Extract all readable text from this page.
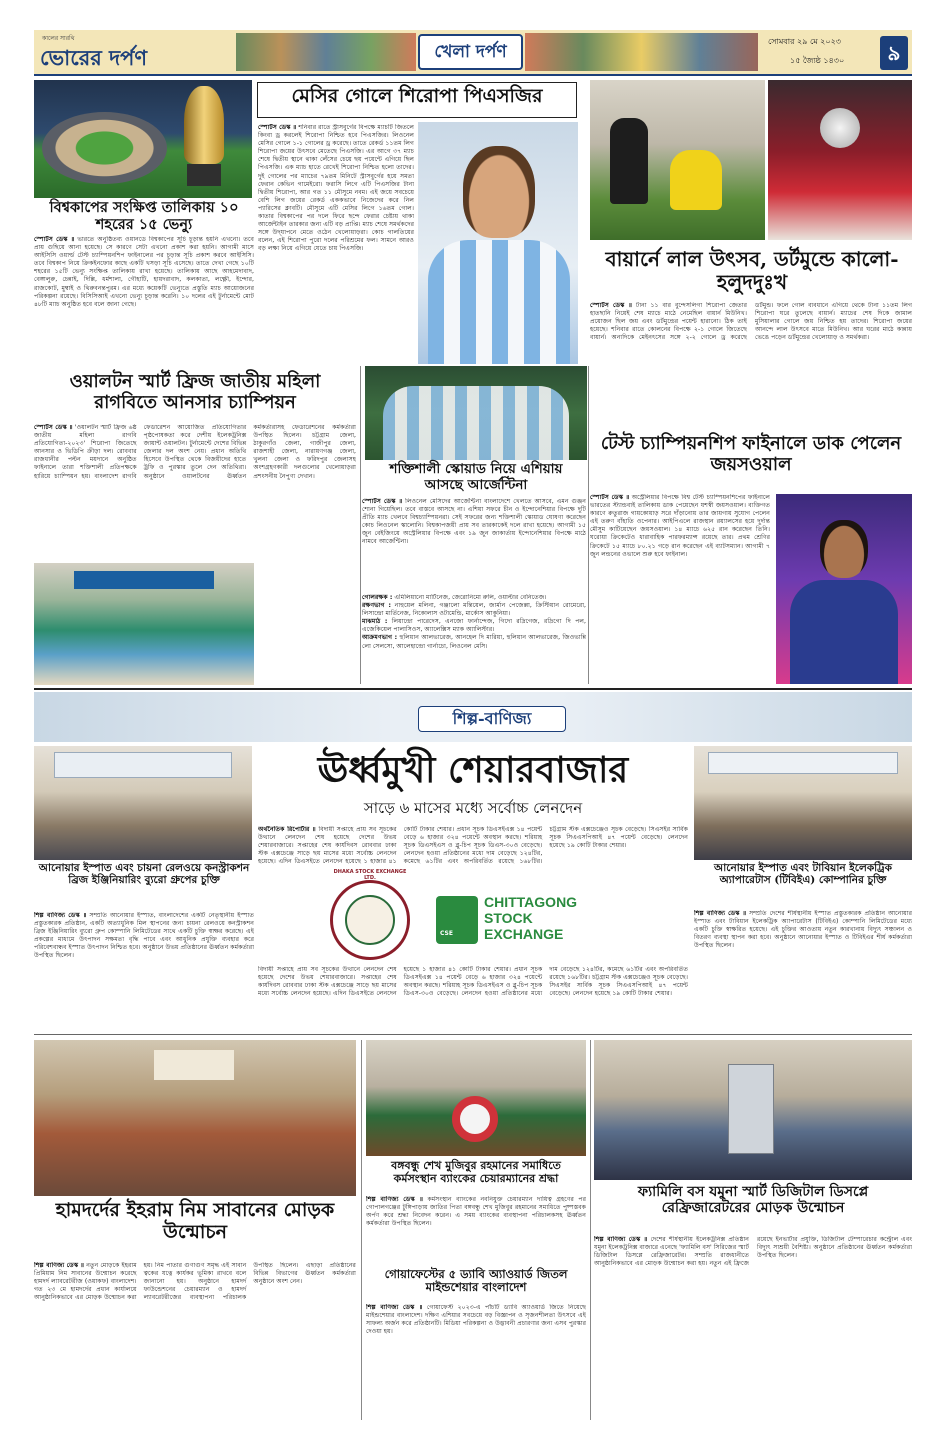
কালের সারথি
ভোরের দর্পণ	খেলা দর্পণ
সোমবার ২৯ মে ২০২৩
১৫ জ্যৈষ্ঠ ১৪৩০	৯
বিশ্বকাপের সংক্ষিপ্ত তালিকায় ১০ শহরের ১৫ ভেন্যু
স্পোর্টস ডেস্ক ॥ ভারতে অনুষ্ঠিতব্য ওয়ানডে বিশ্বকাপের সূচি চূড়ান্ত হয়নি এখনো। তবে প্রায় গুছিয়ে আনা হয়েছে। সে কারণে সেটা এখনো প্রকাশ করা হয়নি। আগামী মাসে আইসিসি ওয়ার্ল্ড টেস্ট চ্যাম্পিয়নশিপ ফাইনালের পর চূড়ান্ত সূচি প্রকাশ করবে আইসিসি। তবে বিশ্বকাপ নিয়ে ক্রিকইনফোর কাছে একটি খসড়া সূচি এসেছে। তাতে দেখা গেছে ১০টি শহরের ১৫টি ভেন্যু সংক্ষিপ্ত তালিকায় রাখা হয়েছে। তালিকায় আছে আহমেদাবাদ, বেঙ্গালুরু, চেন্নাই, দিল্লি, ধর্মশালা, গৌহাটি, হায়দরাবাদ, কলকাতা, লক্ষ্ণৌ, ইন্দোর, রাজকোট, মুম্বাই ও থিরুবনন্তপুরম। এর মধ্যে কয়েকটি ভেন্যুতে প্রস্তুতি ম্যাচ আয়োজনের পরিকল্পনা রয়েছে। বিসিসিআই এখনো ভেন্যু চূড়ান্ত করেনি। ১০ দলের এই টুর্নামেন্টে মোট ৪৮টি ম্যাচ অনুষ্ঠিত হবে বলে জানা গেছে।
মেসির গোলে শিরোপা পিএসজির
স্পোর্টস ডেস্ক ॥ শনিবার রাতে স্ট্রাসবুর্গের বিপক্ষে ম্যাচটি জিতলে কিংবা ড্র করলেই শিরোপা নিশ্চিত হবে পিএসজির। লিওনেল মেসির গোলে ১-১ গোলের ড্র করেছে। তাতে রেকর্ড ১১তম লিগ শিরোপা জয়ের উৎসবে মেতেছে পিএসজি। এর আগে ৩৭ ম্যাচ শেষে দ্বিতীয় স্থানে থাকা লেঁসের চেয়ে ছয় পয়েন্টে এগিয়ে ছিল পিএসজি। এক ম্যাচ হাতে রেখেই শিরোপা নিশ্চিত হলো তাদের। দুই গোলের পর ম্যাচের ৭৯তম মিনিটে স্ট্রাসবুর্গের হয়ে সমতা ফেরান কেভিন গামেইরো। ফরাসি লিগে এটি পিএসজির টানা দ্বিতীয় শিরোপা, আর গত ১১ মৌসুমে নবম। এই জয়ে সবচেয়ে বেশি লিগ জয়ের রেকর্ড এককভাবে নিজেদের করে নিল প্যারিসের ক্লাবটি। মৌসুমে এটি মেসির লিগে ১৬তম গোল। কাতার বিশ্বকাপের পর দলে ফিরে ছন্দে ফেরার চেষ্টায় থাকা আর্জেন্টাইন তারকার জন্য এটি বড় প্রাপ্তি। ম্যাচ শেষে সমর্থকদের সঙ্গে উদ্‌যাপনে মেতে ওঠেন খেলোয়াড়রা। কোচ গালতিয়ের বলেন, এই শিরোপা পুরো দলের পরিশ্রমের ফল। সামনে আরও বড় লক্ষ্য নিয়ে এগিয়ে যেতে চায় পিএসজি।	বায়ার্নে লাল উৎসব, ডর্টমুন্ডে কালো-হলুদদুঃখ
স্পোর্টস ডেস্ক ॥ টানা ১১ বার বুন্দেসলিগা শিরোপা জেতার হাতছানি নিয়েই শেষ ম্যাচে মাঠে নেমেছিল বায়ার্ন মিউনিখ। প্রয়োজন ছিল জয় এবং ডর্টমুন্ডের পয়েন্ট হারানো। ঠিক তাই হয়েছে। শনিবার রাতে কোলনের বিপক্ষে ২-১ গোলে জিতেছে বায়ার্ন। অন্যদিকে মেইনৎসের সঙ্গে ২-২ গোলে ড্র করেছে ডর্টমুন্ড। ফলে গোল ব্যবধানে এগিয়ে থেকে টানা ১১তম লিগ শিরোপা ঘরে তুলেছে বায়ার্ন। ম্যাচের শেষ দিকে জামাল মুসিয়ালার গোলে জয় নিশ্চিত হয় তাদের। শিরোপা জয়ের আনন্দে লাল উৎসবে মাতে মিউনিখ। আর ঘরের মাঠে কান্নায় ভেঙে পড়েন ডর্টমুন্ডের খেলোয়াড় ও সমর্থকরা।
ওয়ালটন স্মার্ট ফ্রিজ জাতীয় মহিলা রাগবিতে আনসার চ্যাম্পিয়ন
স্পোর্টস ডেস্ক ॥ 'ওয়ালটন স্মার্ট ফ্রিজ ৬ষ্ঠ জাতীয় মহিলা রাগবি প্রতিযোগিতা-২০২৩' শিরোপা জিতেছে আনসার ও ভিডিপি ক্রীড়া দল। রোববার রাজধানীর পল্টন ময়দানে অনুষ্ঠিত ফাইনালে তারা শক্তিশালী প্রতিপক্ষকে হারিয়ে চ্যাম্পিয়ন হয়। বাংলাদেশ রাগবি ফেডারেশন আয়োজিত প্রতিযোগিতার পৃষ্ঠপোষকতা করে দেশীয় ইলেকট্রনিক্স জায়ান্ট ওয়ালটন। টুর্নামেন্টে দেশের বিভিন্ন জেলার দল অংশ নেয়। প্রধান অতিথি হিসেবে উপস্থিত থেকে বিজয়ীদের হাতে ট্রফি ও পুরস্কার তুলে দেন অতিথিরা। অনুষ্ঠানে ওয়ালটনের ঊর্ধ্বতন কর্মকর্তারাসহ ফেডারেশনের কর্মকর্তারা উপস্থিত ছিলেন। চট্টগ্রাম জেলা, ঠাকুরগাঁও জেলা, গাজীপুর জেলা, রাজশাহী জেলা, নারায়ণগঞ্জ জেলা, খুলনা জেলা ও ফরিদপুর জেলাসহ অংশগ্রহণকারী দলগুলোর খেলোয়াড়রা প্রশংসনীয় নৈপুণ্য দেখান।	শক্তিশালী স্কোয়াড নিয়ে এশিয়ায় আসছে আর্জেন্টিনা
স্পোর্টস ডেস্ক ॥ লিওনেল মেসিদের আর্জেন্টিনা বাংলাদেশে খেলতে আসবে, এমন গুঞ্জন শোনা গিয়েছিল। তবে বাস্তবে আসছে না। এশিয়া সফরে চীন ও ইন্দোনেশিয়ার বিপক্ষে দুটি প্রীতি ম্যাচ খেলবে বিশ্বচ্যাম্পিয়নরা। সেই সফরের জন্য শক্তিশালী স্কোয়াড ঘোষণা করেছেন কোচ লিওনেল স্কালোনি। বিশ্বকাপজয়ী প্রায় সব তারকাকেই দলে রাখা হয়েছে। আগামী ১৫ জুন বেইজিংয়ে অস্ট্রেলিয়ার বিপক্ষে এবং ১৯ জুন জাকার্তায় ইন্দোনেশিয়ার বিপক্ষে মাঠে নামবে আর্জেন্টিনা।
গোলরক্ষক : এমিলিয়ানো মার্টিনেজ, জেরোনিমো রুলি, ওয়াল্টার বেনিতেজ।
রক্ষণভাগ : নাহুয়েল মলিনা, গঞ্জালো মন্তিয়েল, জার্মান পেজেল্লা, ক্রিস্টিয়ান রোমেরো, লিসান্দ্রো মার্তিনেজ, নিকোলাস ওটামেন্ডি, মার্কোস আকুনিয়া।
মাঝমাঠ : লিয়ান্দ্রো পারেদেস, এনজো ফার্নান্দেজ, গিদো রদ্রিগেজ, রদ্রিগো দি পল, এজেকিয়েল পালাসিওস, অ্যালেক্সিস ম্যাক অ্যালিস্টার।
আক্রমণভাগ : হুলিয়ান আলভারেজ, আনহেল দি মারিয়া, হুলিয়ান আলভারেজ, জিওভান্নি লো সেলসো, আলেহান্দ্রো গার্নাচো, লিওনেল মেসি।
টেস্ট চ্যাম্পিয়নশিপ ফাইনালে ডাক পেলেন জয়সওয়াল
স্পোর্টস ডেস্ক ॥ অস্ট্রেলিয়ার বিপক্ষে বিশ্ব টেস্ট চ্যাম্পিয়নশিপের ফাইনালে ভারতের স্ট্যান্ডবাই তালিকায় ডাক পেয়েছেন যশস্বী জয়সওয়াল। ব্যক্তিগত কারণে রুতুরাজ গায়কোয়াড় সরে দাঁড়ানোয় তার জায়গায় সুযোগ পেলেন এই তরুণ বাঁহাতি ওপেনার। আইপিএলে রাজস্থান রয়্যালসের হয়ে দুর্দান্ত মৌসুম কাটিয়েছেন জয়সওয়াল। ১৪ ম্যাচে ৬২৫ রান করেছেন তিনি। ঘরোয়া ক্রিকেটেও ধারাবাহিক পারফরম্যান্স রয়েছে তার। প্রথম শ্রেণির ক্রিকেটে ১৫ ম্যাচে ৮০.২১ গড়ে রান করেছেন এই ব্যাটসম্যান। আগামী ৭ জুন লন্ডনের ওভালে শুরু হবে ফাইনাল।
শিল্প-বাণিজ্য
আনোয়ার ইস্পাত এবং চায়না রেলওয়ে কনস্ট্রাকশন ব্রিজ ইঞ্জিনিয়ারিং ব্যুরো গ্রুপের চুক্তি
শিল্প বাণিজ্য ডেস্ক ॥ সম্প্রতি আনোয়ার ইস্পাত, বাংলাদেশের একটি নেতৃস্থানীয় ইস্পাত প্রস্তুতকারক প্রতিষ্ঠান, একটি অত্যাধুনিক মিল স্থাপনের জন্য চায়না রেলওয়ে কনস্ট্রাকশন ব্রিজ ইঞ্জিনিয়ারিং ব্যুরো গ্রুপ কোম্পানি লিমিটেডের সাথে একটি চুক্তি স্বাক্ষর করেছে। এই প্রকল্পের মাধ্যমে উৎপাদন সক্ষমতা বৃদ্ধি পাবে এবং আধুনিক প্রযুক্তি ব্যবহার করে পরিবেশবান্ধব ইস্পাত উৎপাদন নিশ্চিত হবে। অনুষ্ঠানে উভয় প্রতিষ্ঠানের ঊর্ধ্বতন কর্মকর্তারা উপস্থিত ছিলেন।
ঊর্ধ্বমুখী শেয়ারবাজার
সাড়ে ৬ মাসের মধ্যে সর্বোচ্চ লেনদেন
অর্থনৈতিক রিপোর্টার ॥ বিদায়ী সপ্তাহে প্রায় সব সূচকের উত্থানে লেনদেন শেষ হয়েছে দেশের উভয় শেয়ারবাজারে। সপ্তাহের শেষ কার্যদিবস রোববার ঢাকা স্টক এক্সচেঞ্জে সাড়ে ছয় মাসের মধ্যে সর্বোচ্চ লেনদেন হয়েছে। এদিন ডিএসইতে লেনদেন হয়েছে ১ হাজার ৪১ কোটি টাকার শেয়ার। প্রধান সূচক ডিএসইএক্স ১৪ পয়েন্ট বেড়ে ৬ হাজার ৩২৪ পয়েন্টে অবস্থান করছে। শরিয়াহ সূচক ডিএসইএস ও ব্লু-চিপ সূচক ডিএস-৩০ও বেড়েছে। লেনদেন হওয়া প্রতিষ্ঠানের মধ্যে দাম বেড়েছে ১২৪টির, কমেছে ৬১টির এবং অপরিবর্তিত রয়েছে ১৬৮টির। চট্টগ্রাম স্টক এক্সচেঞ্জেও সূচক বেড়েছে। সিএসইর সার্বিক সূচক সিএএসপিআই ৪৭ পয়েন্ট বেড়েছে। লেনদেন হয়েছে ১৯ কোটি টাকার শেয়ার।
DHAKA STOCK EXCHANGE LTD.
CSE
CHITTAGONG
STOCK
EXCHANGE
বিদায়ী সপ্তাহে প্রায় সব সূচকের উত্থানে লেনদেন শেষ হয়েছে দেশের উভয় শেয়ারবাজারে। সপ্তাহের শেষ কার্যদিবস রোববার ঢাকা স্টক এক্সচেঞ্জে সাড়ে ছয় মাসের মধ্যে সর্বোচ্চ লেনদেন হয়েছে। এদিন ডিএসইতে লেনদেন হয়েছে ১ হাজার ৪১ কোটি টাকার শেয়ার। প্রধান সূচক ডিএসইএক্স ১৪ পয়েন্ট বেড়ে ৬ হাজার ৩২৪ পয়েন্টে অবস্থান করছে। শরিয়াহ সূচক ডিএসইএস ও ব্লু-চিপ সূচক ডিএস-৩০ও বেড়েছে। লেনদেন হওয়া প্রতিষ্ঠানের মধ্যে দাম বেড়েছে ১২৪টির, কমেছে ৬১টির এবং অপরিবর্তিত রয়েছে ১৬৮টির। চট্টগ্রাম স্টক এক্সচেঞ্জেও সূচক বেড়েছে। সিএসইর সার্বিক সূচক সিএএসপিআই ৪৭ পয়েন্ট বেড়েছে। লেনদেন হয়েছে ১৯ কোটি টাকার শেয়ার।
আনোয়ার ইস্পাত এবং টাবিয়ান ইলেকট্রিক অ্যাপারেটাস (টিবিইএ) কোম্পানির চুক্তি
শিল্প বাণিজ্য ডেস্ক ॥ সম্প্রতি দেশের শীর্ষস্থানীয় ইস্পাত প্রস্তুতকারক প্রতিষ্ঠান আনোয়ার ইস্পাত এবং টাবিয়ান ইলেকট্রিক অ্যাপারেটাস (টিবিইএ) কোম্পানি লিমিটেডের মধ্যে একটি চুক্তি স্বাক্ষরিত হয়েছে। এই চুক্তির আওতায় নতুন কারখানায় বিদ্যুৎ সঞ্চালন ও বিতরণ ব্যবস্থা স্থাপন করা হবে। অনুষ্ঠানে আনোয়ার ইস্পাত ও টিবিইএর শীর্ষ কর্মকর্তারা উপস্থিত ছিলেন।
হামদর্দের ইহরাম নিম সাবানের মোড়ক উন্মোচন
শিল্প বাণিজ্য ডেস্ক ॥ নতুন মোড়কে ইহরাম প্রিমিয়াম নিম সাবানের উন্মোচন করেছে হামদর্দ ল্যাবরেটরীজ (ওয়াকফ) বাংলাদেশ। গত ২৩ মে হামদর্দের প্রধান কার্যালয়ে আনুষ্ঠানিকভাবে এর মোড়ক উন্মোচন করা হয়। নিম পাতার গুণাগুণ সমৃদ্ধ এই সাবান ত্বকের যত্নে কার্যকর ভূমিকা রাখবে বলে জানানো হয়। অনুষ্ঠানে হামদর্দ ফাউন্ডেশনের চেয়ারম্যান ও হামদর্দ ল্যাবরেটরীজের ব্যবস্থাপনা পরিচালক উপস্থিত ছিলেন। এছাড়া প্রতিষ্ঠানের বিভিন্ন বিভাগের ঊর্ধ্বতন কর্মকর্তারা অনুষ্ঠানে অংশ নেন।
বঙ্গবন্ধু শেখ মুজিবুর রহমানের সমাধিতে কর্মসংস্থান ব্যাংকের চেয়ারম্যানের শ্রদ্ধা
শিল্প বাণিজ্য ডেস্ক ॥ কর্মসংস্থান ব্যাংকের নবনিযুক্ত চেয়ারম্যান দায়িত্ব গ্রহণের পর গোপালগঞ্জের টুঙ্গিপাড়ায় জাতির পিতা বঙ্গবন্ধু শেখ মুজিবুর রহমানের সমাধিতে পুষ্পস্তবক অর্পণ করে শ্রদ্ধা নিবেদন করেন। এ সময় ব্যাংকের ব্যবস্থাপনা পরিচালকসহ ঊর্ধ্বতন কর্মকর্তারা উপস্থিত ছিলেন।
গোয়াফেস্টের ৫ ড্যাবি অ্যাওয়ার্ড জিতল মাইন্ডশেয়ার বাংলাদেশ
শিল্প বাণিজ্য ডেস্ক ॥ গোয়াফেস্ট ২০২৩-এ পাঁচটি ড্যাবি অ্যাওয়ার্ড জিতে নিয়েছে মাইন্ডশেয়ার বাংলাদেশ। দক্ষিণ এশিয়ার সবচেয়ে বড় বিজ্ঞাপন ও সৃজনশীলতা উৎসবে এই সাফল্য অর্জন করে প্রতিষ্ঠানটি। মিডিয়া পরিকল্পনা ও উদ্ভাবনী প্রচারণার জন্য এসব পুরস্কার দেওয়া হয়।
ফ্যামিলি বস যমুনা স্মার্ট ডিজিটাল ডিসপ্লে রেফ্রিজারেটরের মোড়ক উন্মোচন
শিল্প বাণিজ্য ডেস্ক ॥ দেশের শীর্ষস্থানীয় ইলেকট্রনিক্স প্রতিষ্ঠান যমুনা ইলেকট্রনিক্স বাজারে এনেছে 'ফ্যামিলি বস' সিরিজের স্মার্ট ডিজিটাল ডিসপ্লে রেফ্রিজারেটর। সম্প্রতি রাজধানীতে আনুষ্ঠানিকভাবে এর মোড়ক উন্মোচন করা হয়। নতুন এই ফ্রিজে রয়েছে ইনভার্টার প্রযুক্তি, ডিজিটাল টেম্পারেচার কন্ট্রোল এবং বিদ্যুৎ সাশ্রয়ী বৈশিষ্ট্য। অনুষ্ঠানে প্রতিষ্ঠানের ঊর্ধ্বতন কর্মকর্তারা উপস্থিত ছিলেন।
